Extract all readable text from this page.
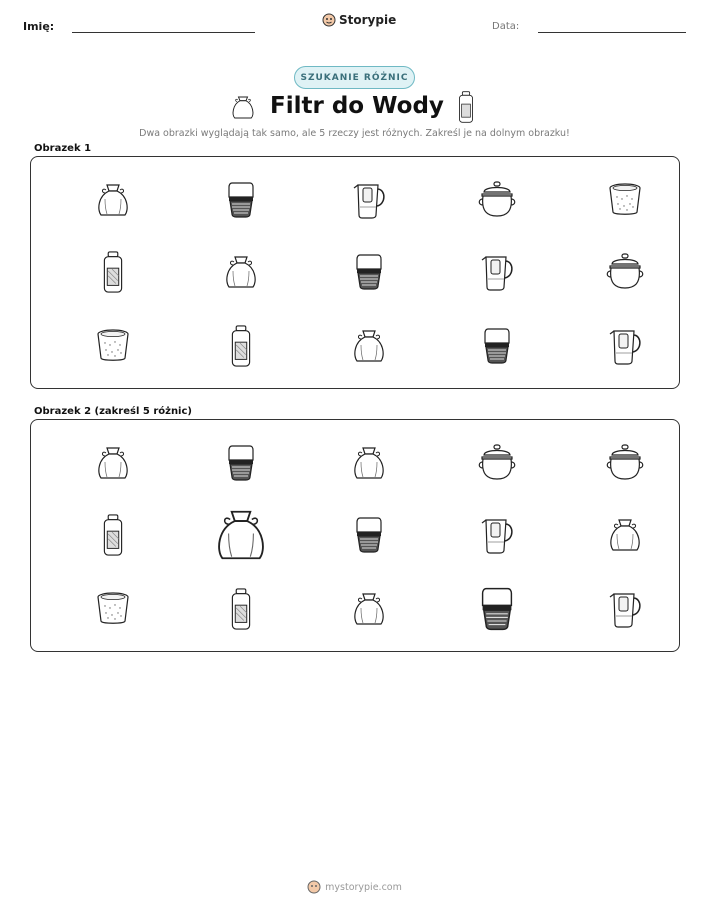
Imię:	Storypie	Data:
SZUKANIE RÓŻNIC
Filtr do Wody
Dwa obrazki wyglądają tak samo, ale 5 rzeczy jest różnych. Zakreśl je na dolnym obrazku!
Obrazek 1
Obrazek 2 (zakreśl 5 różnic)
mystorypie.com
